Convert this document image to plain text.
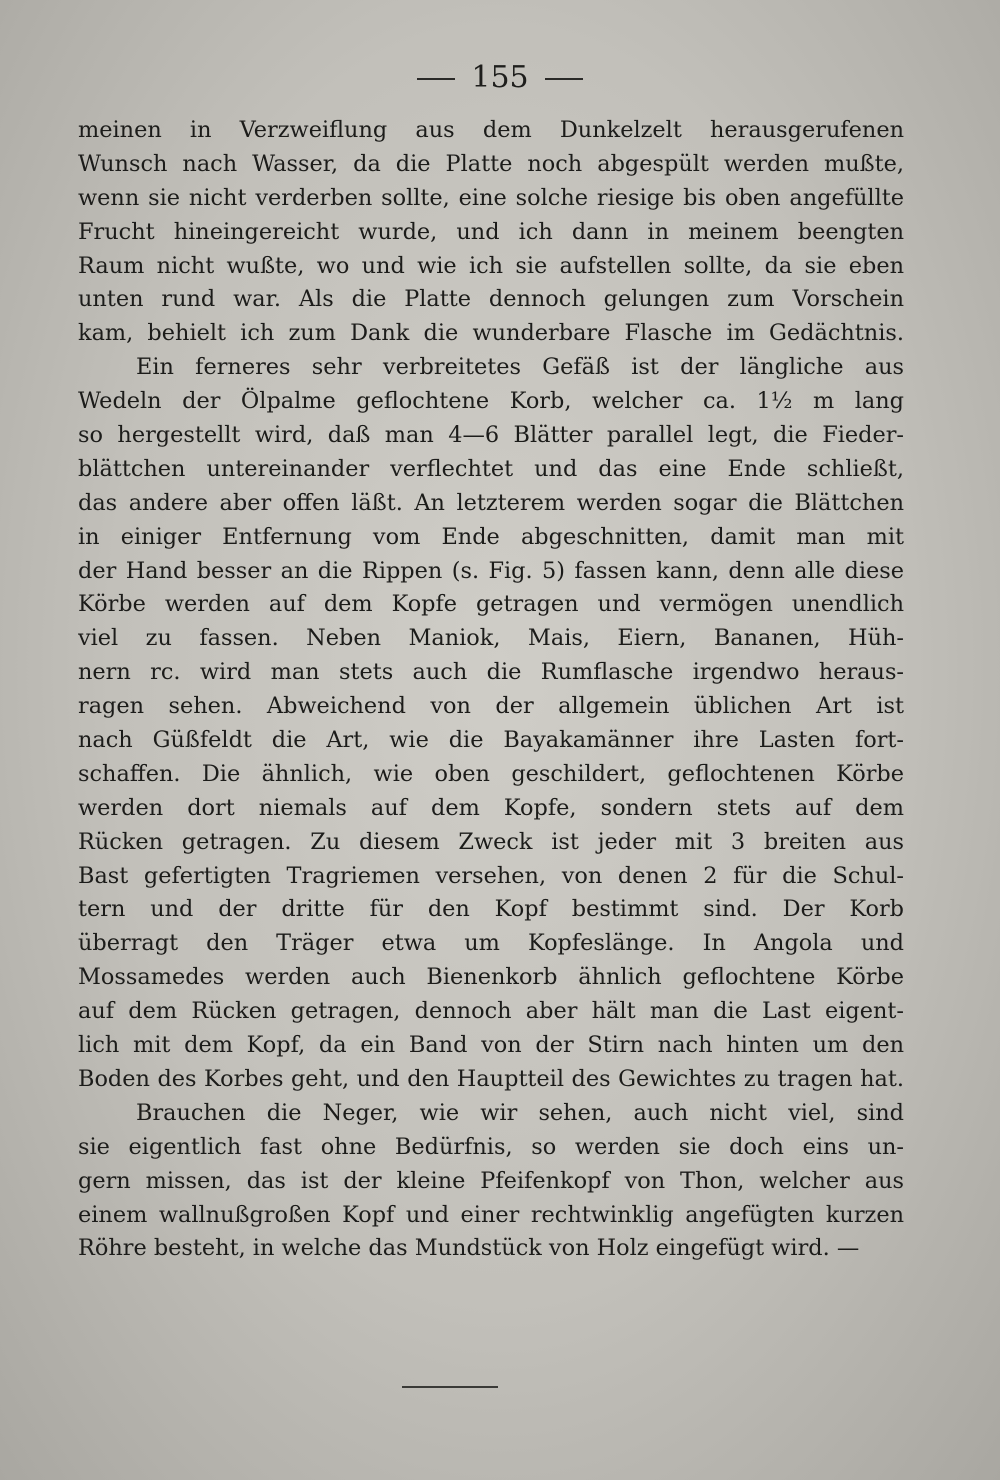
155
meinen in Verzweiflung aus dem Dunkelzelt herausgerufenen
Wunsch nach Wasser, da die Platte noch abgespült werden mußte,
wenn sie nicht verderben sollte, eine solche riesige bis oben angefüllte
Frucht hineingereicht wurde, und ich dann in meinem beengten
Raum nicht wußte, wo und wie ich sie aufstellen sollte, da sie eben
unten rund war. Als die Platte dennoch gelungen zum Vorschein
kam, behielt ich zum Dank die wunderbare Flasche im Gedächtnis.
Ein ferneres sehr verbreitetes Gefäß ist der längliche aus
Wedeln der Ölpalme geflochtene Korb, welcher ca. 1½ m lang
so hergestellt wird, daß man 4—6 Blätter parallel legt, die Fieder-
blättchen untereinander verflechtet und das eine Ende schließt,
das andere aber offen läßt. An letzterem werden sogar die Blättchen
in einiger Entfernung vom Ende abgeschnitten, damit man mit
der Hand besser an die Rippen (s. Fig. 5) fassen kann, denn alle diese
Körbe werden auf dem Kopfe getragen und vermögen unendlich
viel zu fassen. Neben Maniok, Mais, Eiern, Bananen, Hüh-
nern rc. wird man stets auch die Rumflasche irgendwo heraus-
ragen sehen. Abweichend von der allgemein üblichen Art ist
nach Güßfeldt die Art, wie die Bayakamänner ihre Lasten fort-
schaffen. Die ähnlich, wie oben geschildert, geflochtenen Körbe
werden dort niemals auf dem Kopfe, sondern stets auf dem
Rücken getragen. Zu diesem Zweck ist jeder mit 3 breiten aus
Bast gefertigten Tragriemen versehen, von denen 2 für die Schul-
tern und der dritte für den Kopf bestimmt sind. Der Korb
überragt den Träger etwa um Kopfeslänge. In Angola und
Mossamedes werden auch Bienenkorb ähnlich geflochtene Körbe
auf dem Rücken getragen, dennoch aber hält man die Last eigent-
lich mit dem Kopf, da ein Band von der Stirn nach hinten um den
Boden des Korbes geht, und den Hauptteil des Gewichtes zu tragen hat.
Brauchen die Neger, wie wir sehen, auch nicht viel, sind
sie eigentlich fast ohne Bedürfnis, so werden sie doch eins un-
gern missen, das ist der kleine Pfeifenkopf von Thon, welcher aus
einem wallnußgroßen Kopf und einer rechtwinklig angefügten kurzen
Röhre besteht, in welche das Mundstück von Holz eingefügt wird. —
